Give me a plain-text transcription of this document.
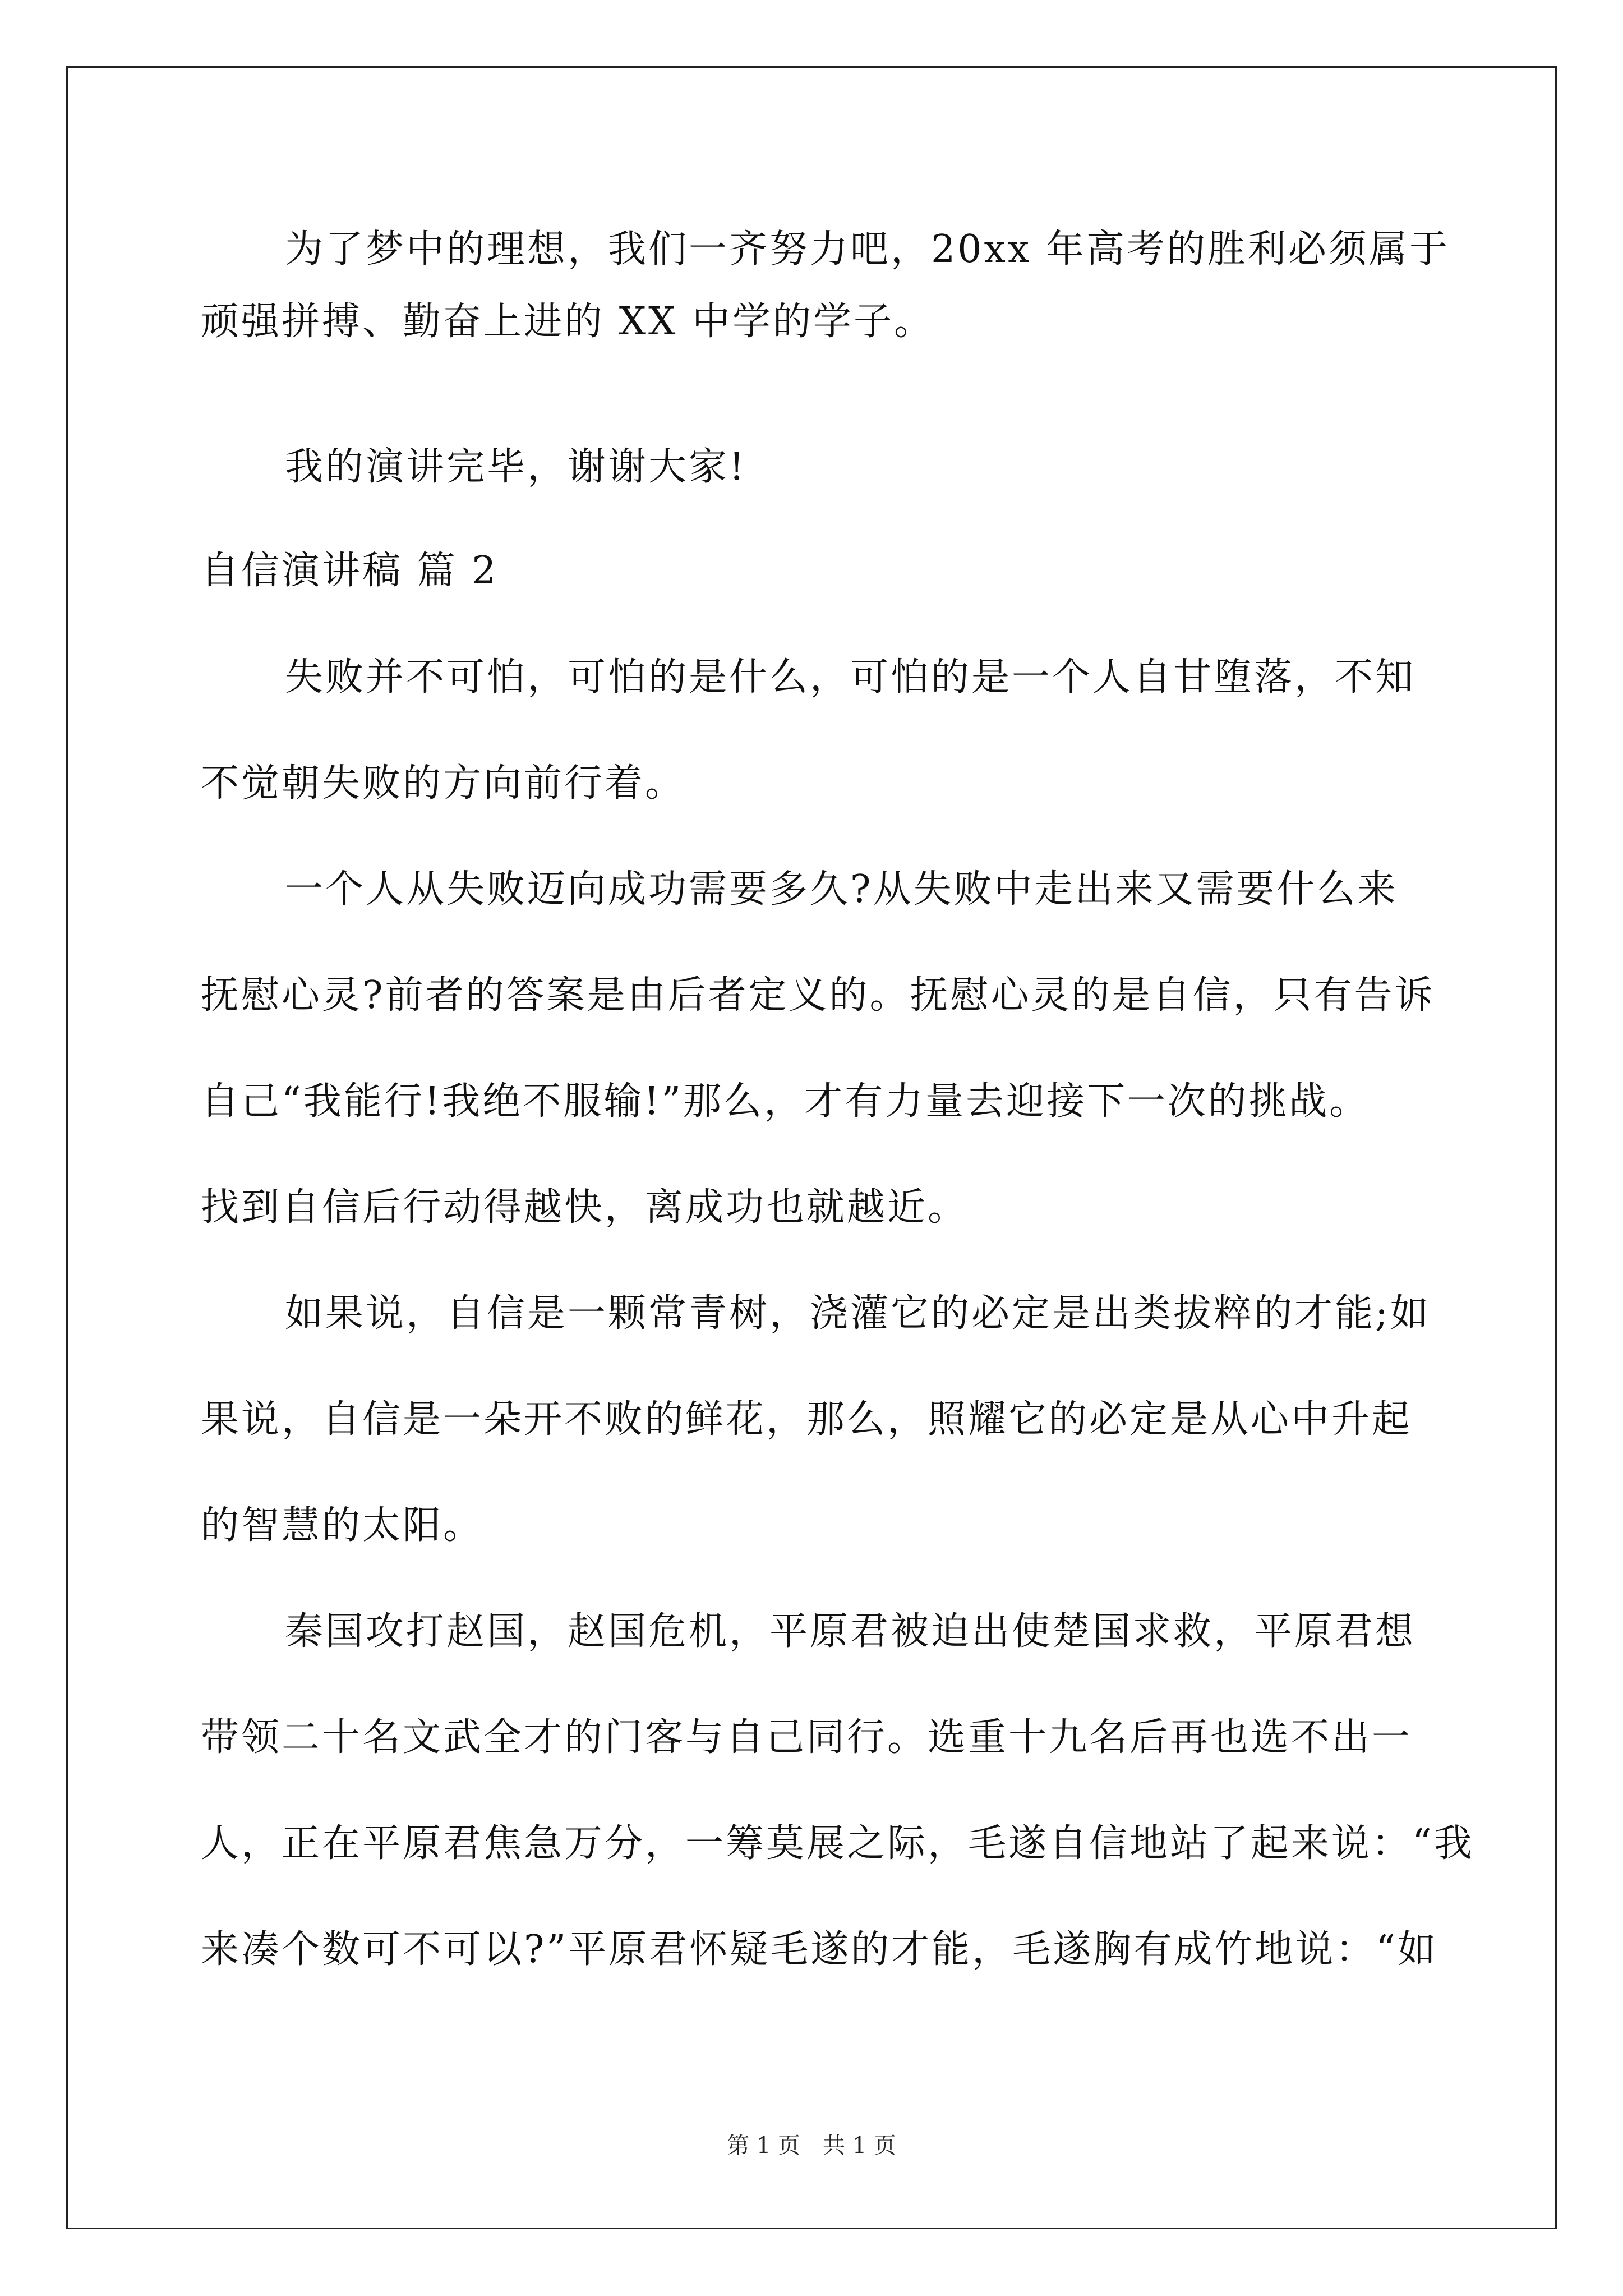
为了梦中的理想，我们一齐努力吧，20xx 年高考的胜利必须属于
顽强拼搏、勤奋上进的 XX 中学的学子。
我的演讲完毕，谢谢大家!
自信演讲稿 篇 2
失败并不可怕，可怕的是什么，可怕的是一个人自甘堕落，不知
不觉朝失败的方向前行着。
一个人从失败迈向成功需要多久?从失败中走出来又需要什么来
抚慰心灵?前者的答案是由后者定义的。抚慰心灵的是自信，只有告诉
自己“我能行!我绝不服输!”那么，才有力量去迎接下一次的挑战。
找到自信后行动得越快，离成功也就越近。
如果说，自信是一颗常青树，浇灌它的必定是出类拔粹的才能;如
果说，自信是一朵开不败的鲜花，那么，照耀它的必定是从心中升起
的智慧的太阳。
秦国攻打赵国，赵国危机，平原君被迫出使楚国求救，平原君想
带领二十名文武全才的门客与自己同行。选重十九名后再也选不出一
人，正在平原君焦急万分，一筹莫展之际，毛遂自信地站了起来说：“我
来凑个数可不可以?”平原君怀疑毛遂的才能，毛遂胸有成竹地说：“如
第 1 页　共 1 页
